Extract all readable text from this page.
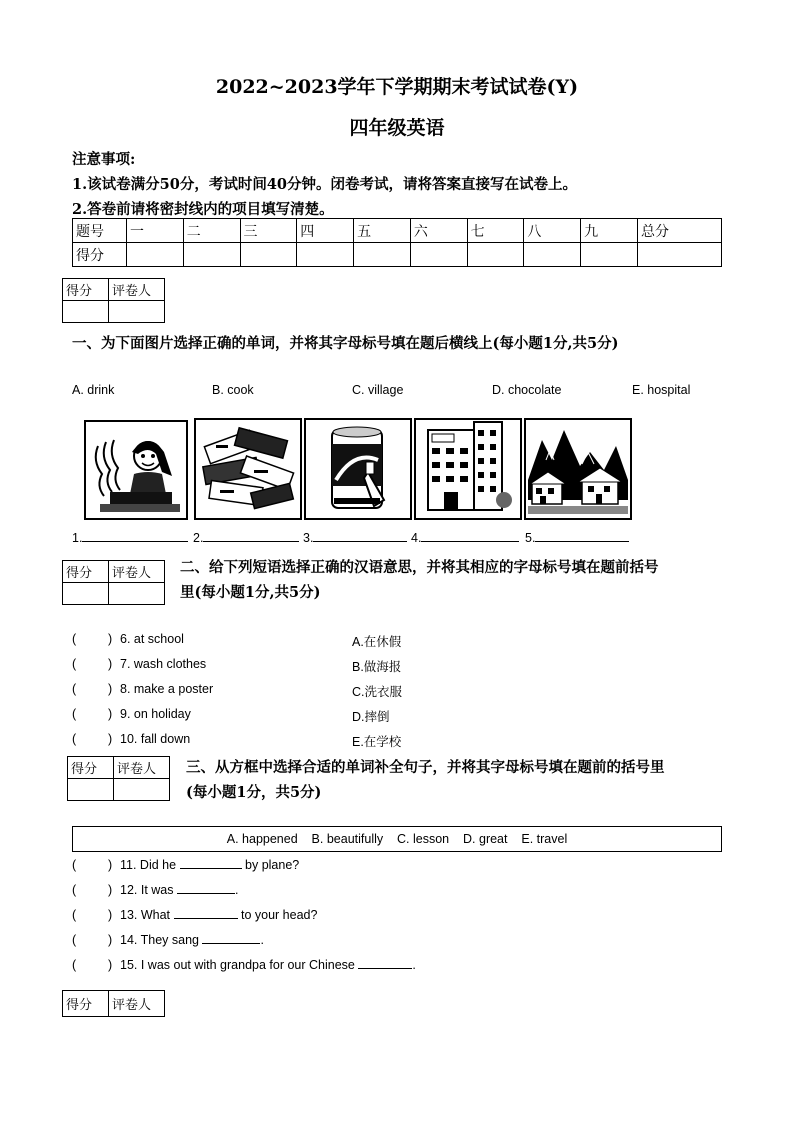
2022~2023学年下学期期末考试试卷(Y)
四年级英语
注意事项:
1.该试卷满分50分，考试时间40分钟。闭卷考试，请将答案直接写在试卷上。
2.答卷前请将密封线内的项目填写清楚。
题号	一	二	三	四	五	六	七	八	九	总分
得分										
得分	评卷人

一、为下面图片选择正确的单词，并将其字母标号填在题后横线上(每小题1分,共5分)
A. drink	B. cook	C. village	D. chocolate	E. hospital
1.	2.	3.	4.	5.
得分	评卷人
	二、给下列短语选择正确的汉语意思，并将其相应的字母标号填在题前括号
里(每小题1分,共5分)
(	) 6. at school	A.在休假
(	) 7. wash clothes	B.做海报
(	) 8. make a poster	C.洗衣服
(	) 9. on holiday	D.摔倒
(	) 10. fall down	E.在学校
得分	评卷人
	三、从方框中选择合适的单词补全句子，并将其字母标号填在题前的括号里
(每小题1分，共5分)
A. happened    B. beautifully    C. lesson    D. great    E. travel
(	) 11. Did he	by plane?
(	) 12. It was	.
(	) 13. What	to your head?
(	) 14. They sang	.
(	) 15. I was out with grandpa for our Chinese	.
得分	评卷人
